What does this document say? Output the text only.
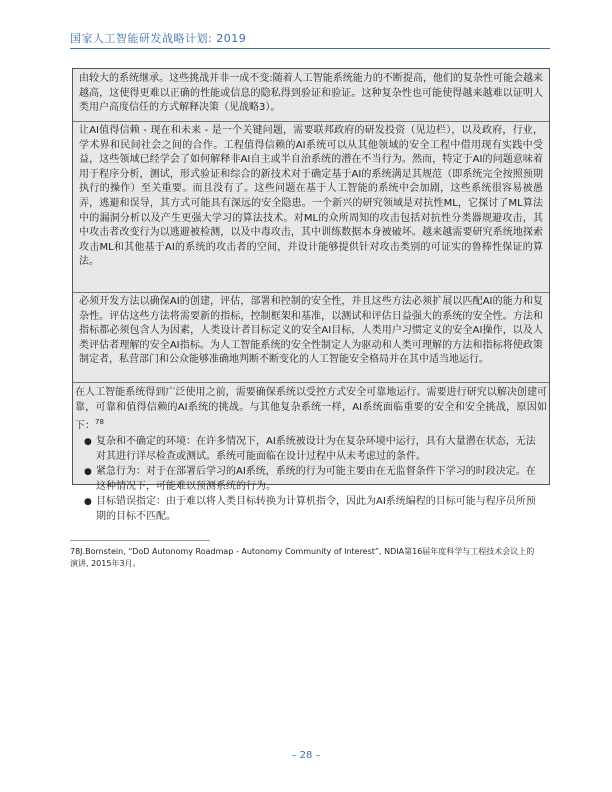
国家人工智能研发战略计划: 2019
由较大的系统继承。这些挑战并非一成不变:随着人工智能系统能力的不断提高，他们的复杂性可能会越来越高，这使得更难以正确的性能或信息的隐私得到验证和验证。这种复杂性也可能使得越来越难以证明人类用户高度信任的方式解释决策（见战略3）。
让AI值得信赖 - 现在和未来 - 是一个关键问题，需要联邦政府的研发投资（见边栏），以及政府，行业，学术界和民间社会之间的合作。工程值得信赖的AI系统可以从其他领域的安全工程中借用现有实践中受益，这些领域已经学会了如何解释非AI自主或半自治系统的潜在不当行为。然而，特定于AI的问题意味着用于程序分析，测试，形式验证和综合的新技术对于确定基于AI的系统满足其规范（即系统完全按照预期执行的操作）至关重要。而且没有了。这些问题在基于人工智能的系统中会加剧，这些系统很容易被愚弄，逃避和误导，其方式可能具有深远的安全隐患。一个新兴的研究领域是对抗性ML，它探讨了ML算法中的漏洞分析以及产生更强大学习的算法技术。对ML的众所周知的攻击包括对抗性分类器规避攻击，其中攻击者改变行为以逃避被检测，以及中毒攻击，其中训练数据本身被破坏。越来越需要研究系统地探索攻击ML和其他基于AI的系统的攻击者的空间，并设计能够提供针对攻击类别的可证实的鲁棒性保证的算法。
必须开发方法以确保AI的创建，评估，部署和控制的安全性，并且这些方法必须扩展以匹配AI的能力和复杂性。评估这些方法将需要新的指标，控制框架和基准，以测试和评估日益强大的系统的安全性。方法和指标都必须包含人为因素，人类设计者目标定义的安全AI目标，人类用户习惯定义的安全AI操作，以及人类评估者理解的安全AI指标。为人工智能系统的安全性制定人为驱动和人类可理解的方法和指标将使政策制定者，私营部门和公众能够准确地判断不断变化的人工智能安全格局并在其中适当地运行。
在人工智能系统得到广泛使用之前，需要确保系统以受控方式安全可靠地运行。需要进行研究以解决创建可靠，可靠和值得信赖的AI系统的挑战。与其他复杂系统一样，AI系统面临重要的安全和安全挑战，原因如下：$^{78}$
● 复杂和不确定的环境：在许多情况下，AI系统被设计为在复杂环境中运行，具有大量潜在状态，无法对其进行详尽检查或测试。系统可能面临在设计过程中从未考虑过的条件。
● 紧急行为：对于在部署后学习的AI系统，系统的行为可能主要由在无监督条件下学习的时段决定。在这种情况下，可能难以预测系统的行为。
● 目标错误指定：由于难以将人类目标转换为计算机指令，因此为AI系统编程的目标可能与程序员所预期的目标不匹配。
78J.Bornstein, “DoD Autonomy Roadmap - Autonomy Community of Interest”, NDIA第16届年度科学与工程技术会议上的演讲, 2015年3月。
– 28 –
